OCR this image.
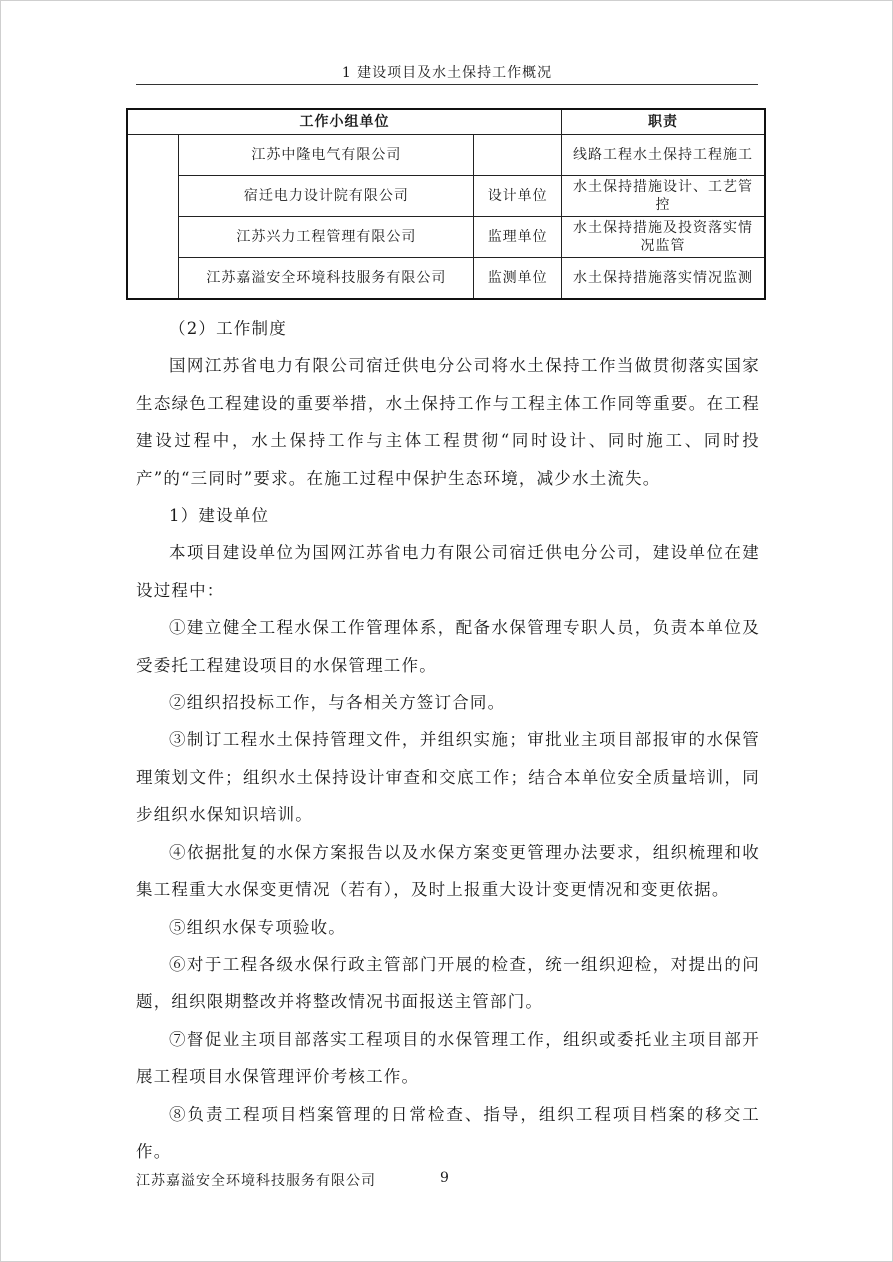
1 建设项目及水土保持工作概况
工作小组单位			职责
	江苏中隆电气有限公司		线路工程水土保持工程施工
	宿迁电力设计院有限公司	设计单位	水土保持措施设计、工艺管控
	江苏兴力工程管理有限公司	监理单位	水土保持措施及投资落实情况监管
	江苏嘉溢安全环境科技服务有限公司	监测单位	水土保持措施落实情况监测

（2）工作制度

国网江苏省电力有限公司宿迁供电分公司将水土保持工作当做贯彻落实国家生态绿色工程建设的重要举措，水土保持工作与工程主体工作同等重要。在工程建设过程中，水土保持工作与主体工程贯彻“同时设计、同时施工、同时投产”的“三同时”要求。在施工过程中保护生态环境，减少水土流失。

1）建设单位

本项目建设单位为国网江苏省电力有限公司宿迁供电分公司，建设单位在建设过程中：

①建立健全工程水保工作管理体系，配备水保管理专职人员，负责本单位及受委托工程建设项目的水保管理工作。

②组织招投标工作，与各相关方签订合同。

③制订工程水土保持管理文件，并组织实施；审批业主项目部报审的水保管理策划文件；组织水土保持设计审查和交底工作；结合本单位安全质量培训，同步组织水保知识培训。

④依据批复的水保方案报告以及水保方案变更管理办法要求，组织梳理和收集工程重大水保变更情况（若有），及时上报重大设计变更情况和变更依据。

⑤组织水保专项验收。

⑥对于工程各级水保行政主管部门开展的检查，统一组织迎检，对提出的问题，组织限期整改并将整改情况书面报送主管部门。

⑦督促业主项目部落实工程项目的水保管理工作，组织或委托业主项目部开展工程项目水保管理评价考核工作。

⑧负责工程项目档案管理的日常检查、指导，组织工程项目档案的移交工作。

江苏嘉溢安全环境科技服务有限公司	9
